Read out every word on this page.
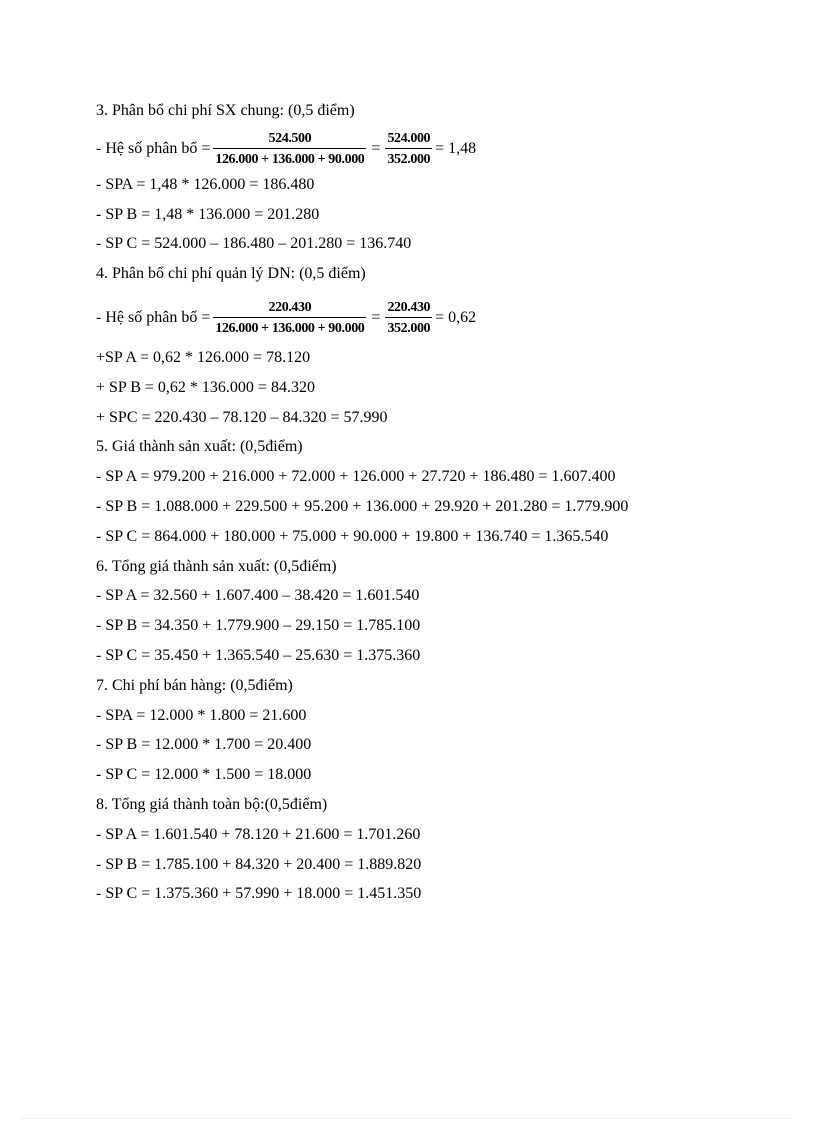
3. Phân bổ chi phí SX chung: (0,5 điểm)
- Hệ số phân bổ = $\frac{524.500}{126.000 + 136.000 + 90.000} = \frac{524.000}{352.000} = 1,48$
- SPA = 1,48 * 126.000 = 186.480
- SP B = 1,48 * 136.000 = 201.280
- SP C = 524.000 – 186.480 – 201.280 = 136.740
4. Phân bổ chi phí quản lý DN: (0,5 điểm)
- Hệ số phân bổ = $\frac{220.430}{126.000 + 136.000 + 90.000} = \frac{220.430}{352.000} = 0,62$
+SP A = 0,62 * 126.000 = 78.120
+ SP B = 0,62 * 136.000 = 84.320
+ SPC = 220.430 – 78.120 – 84.320 = 57.990
5. Giá thành sản xuất: (0,5điểm)
- SP A = 979.200 + 216.000 + 72.000 + 126.000 + 27.720 + 186.480 = 1.607.400
- SP B = 1.088.000 + 229.500 + 95.200 + 136.000 + 29.920 + 201.280 = 1.779.900
- SP C = 864.000 + 180.000 + 75.000 + 90.000 + 19.800 + 136.740 = 1.365.540
6. Tổng giá thành sản xuất: (0,5điểm)
- SP A = 32.560 + 1.607.400 – 38.420 = 1.601.540
- SP B = 34.350 + 1.779.900 – 29.150 = 1.785.100
- SP C = 35.450 + 1.365.540 – 25.630 = 1.375.360
7. Chi phí bán hàng: (0,5điểm)
- SPA = 12.000 * 1.800 = 21.600
- SP B = 12.000 * 1.700 = 20.400
- SP C = 12.000 * 1.500 = 18.000
8. Tổng giá thành toàn bộ:(0,5điểm)
- SP A = 1.601.540 + 78.120 + 21.600 = 1.701.260
- SP B = 1.785.100 + 84.320 + 20.400 = 1.889.820
- SP C = 1.375.360 + 57.990 + 18.000 = 1.451.350
